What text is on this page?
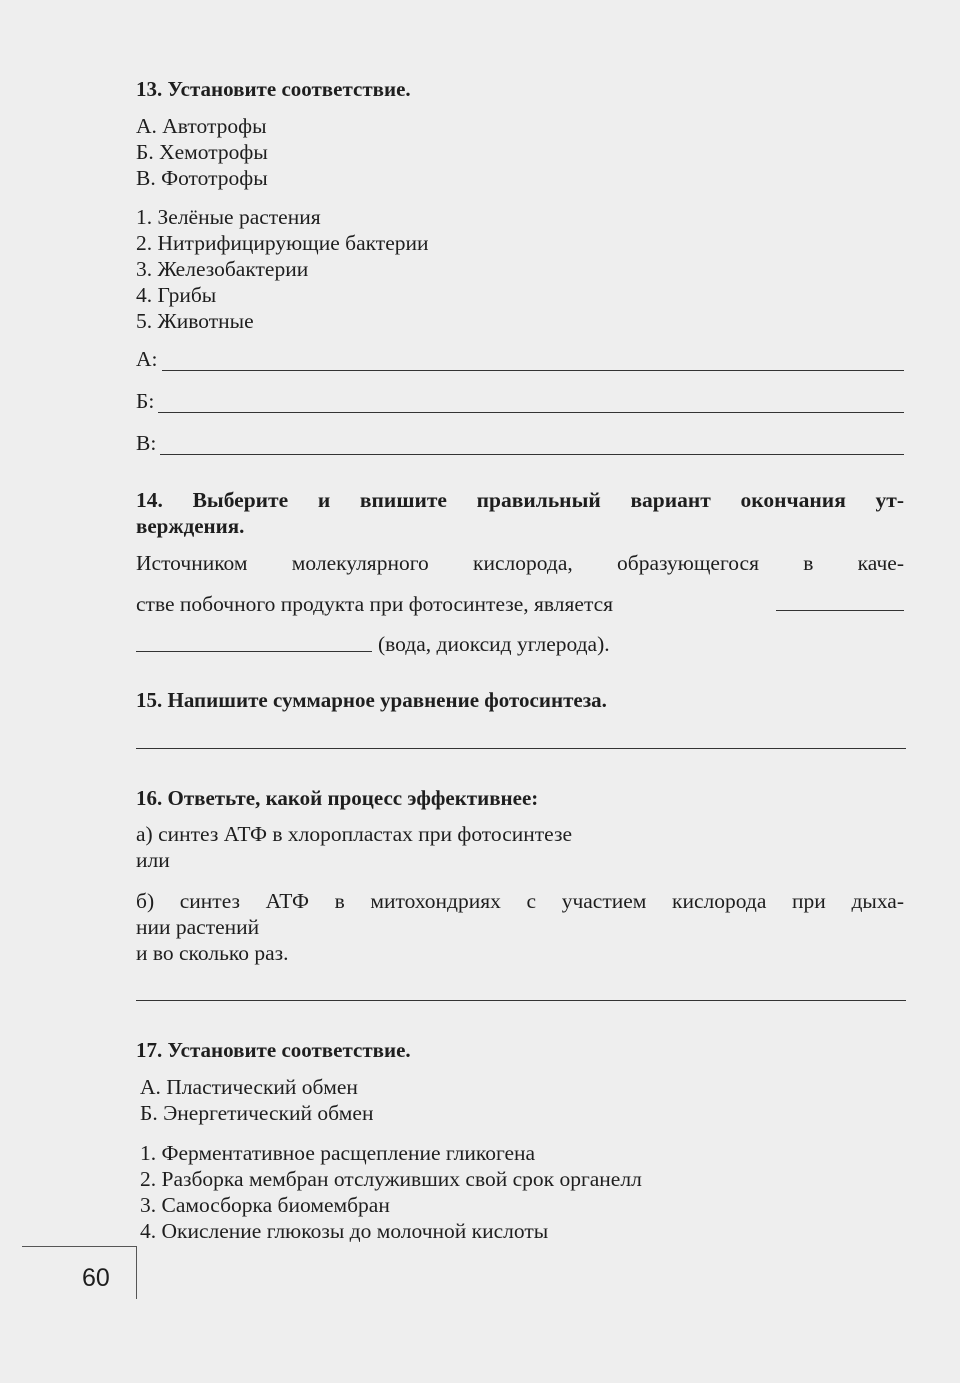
13. Установите соответствие.
А. Автотрофы
Б. Хемотрофы
В. Фототрофы
1. Зелёные растения
2. Нитрифицирующие бактерии
3. Железобактерии
4. Грибы
5. Животные
А:
Б:
В:
14. Выберите и впишите правильный вариант окончания ут-
верждения.
Источником молекулярного кислорода, образующегося в каче-
стве побочного продукта при фотосинтезе, является
(вода, диоксид углерода).
15. Напишите суммарное уравнение фотосинтеза.
16. Ответьте, какой процесс эффективнее:
а) синтез АТФ в хлоропластах при фотосинтезе
или
б) синтез АТФ в митохондриях с участием кислорода при дыха-
нии растений
и во сколько раз.
17. Установите соответствие.
А. Пластический обмен
Б. Энергетический обмен
1. Ферментативное расщепление гликогена
2. Разборка мембран отслуживших свой срок органелл
3. Самосборка биомембран
4. Окисление глюкозы до молочной кислоты
60
